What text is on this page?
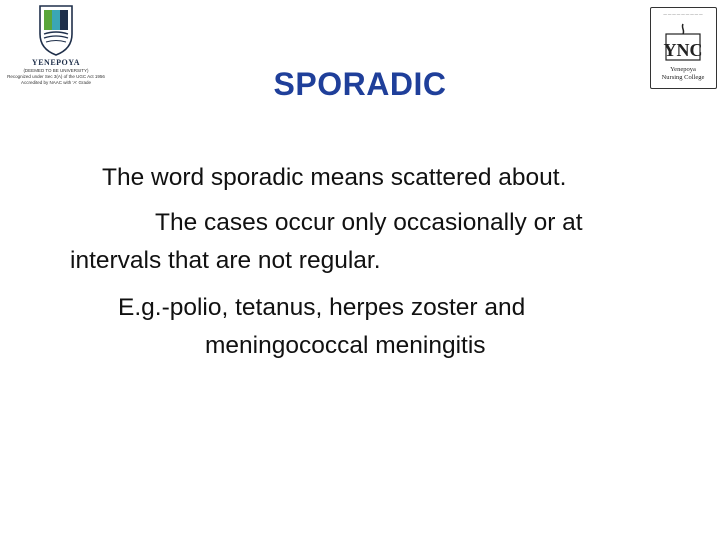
YENEPOYA
(DEEMED TO BE UNIVERSITY)
Recognized under Sec 3(A) of the UGC Act 1956
Accredited by NAAC with 'A' Grade
― ― ― ― ― ― ― ― ―
YNC
Yenepoya
Nursing College
SPORADIC
The word sporadic means scattered about.
The cases occur only occasionally or at
intervals that are not regular.
E.g.-polio, tetanus, herpes zoster and
meningococcal meningitis
